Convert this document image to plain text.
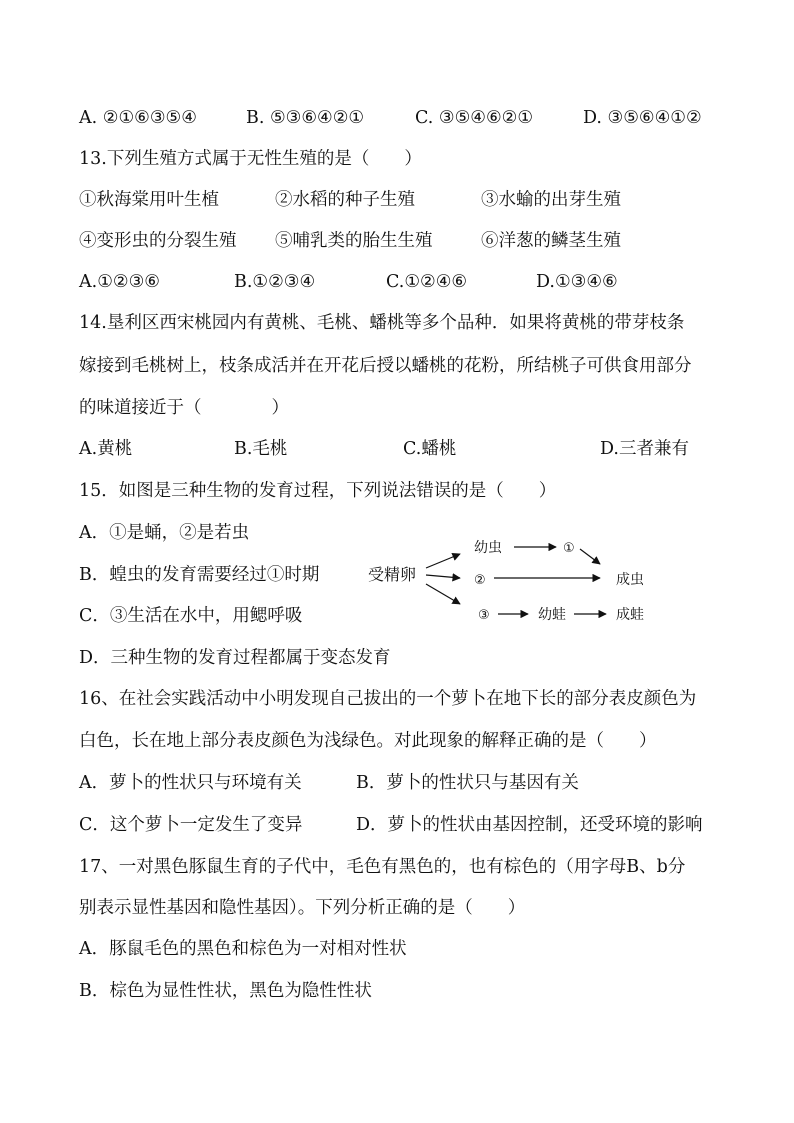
A. ②①⑥③⑤④	B. ⑤③⑥④②①	C. ③⑤④⑥②①	D. ③⑤⑥④①②
13.下列生殖方式属于无性生殖的是（　　）
①秋海棠用叶生植	②水稻的种子生殖	③水蝓的出芽生殖
④变形虫的分裂生殖 ⑤哺乳类的胎生生殖	⑥洋葱的鳞茎生殖
A.①②③⑥	B.①②③④	C.①②④⑥	D.①③④⑥
14.垦利区西宋桃园内有黄桃、毛桃、蟠桃等多个品种．如果将黄桃的带芽枝条
嫁接到毛桃树上，枝条成活并在开花后授以蟠桃的花粉，所结桃子可供食用部分
的味道接近于（　　　　）
A.黄桃	B.毛桃	C.蟠桃	D.三者兼有
15．如图是三种生物的发育过程，下列说法错误的是（　　）
A．①是蛹，②是若虫
B．蝗虫的发育需要经过①时期
C．③生活在水中，用鳃呼吸
D．三种生物的发育过程都属于变态发育
受精卵
幼虫	①
②	成虫
③	幼蛙	成蛙
16、在社会实践活动中小明发现自己拔出的一个萝卜在地下长的部分表皮颜色为
白色，长在地上部分表皮颜色为浅绿色。对此现象的解释正确的是（　　）
A．萝卜的性状只与环境有关	B．萝卜的性状只与基因有关
C．这个萝卜一定发生了变异	D．萝卜的性状由基因控制，还受环境的影响
17、一对黑色豚鼠生育的子代中，毛色有黑色的，也有棕色的（用字母B、b分
别表示显性基因和隐性基因）。下列分析正确的是（　　）
A．豚鼠毛色的黑色和棕色为一对相对性状
B．棕色为显性性状，黑色为隐性性状
